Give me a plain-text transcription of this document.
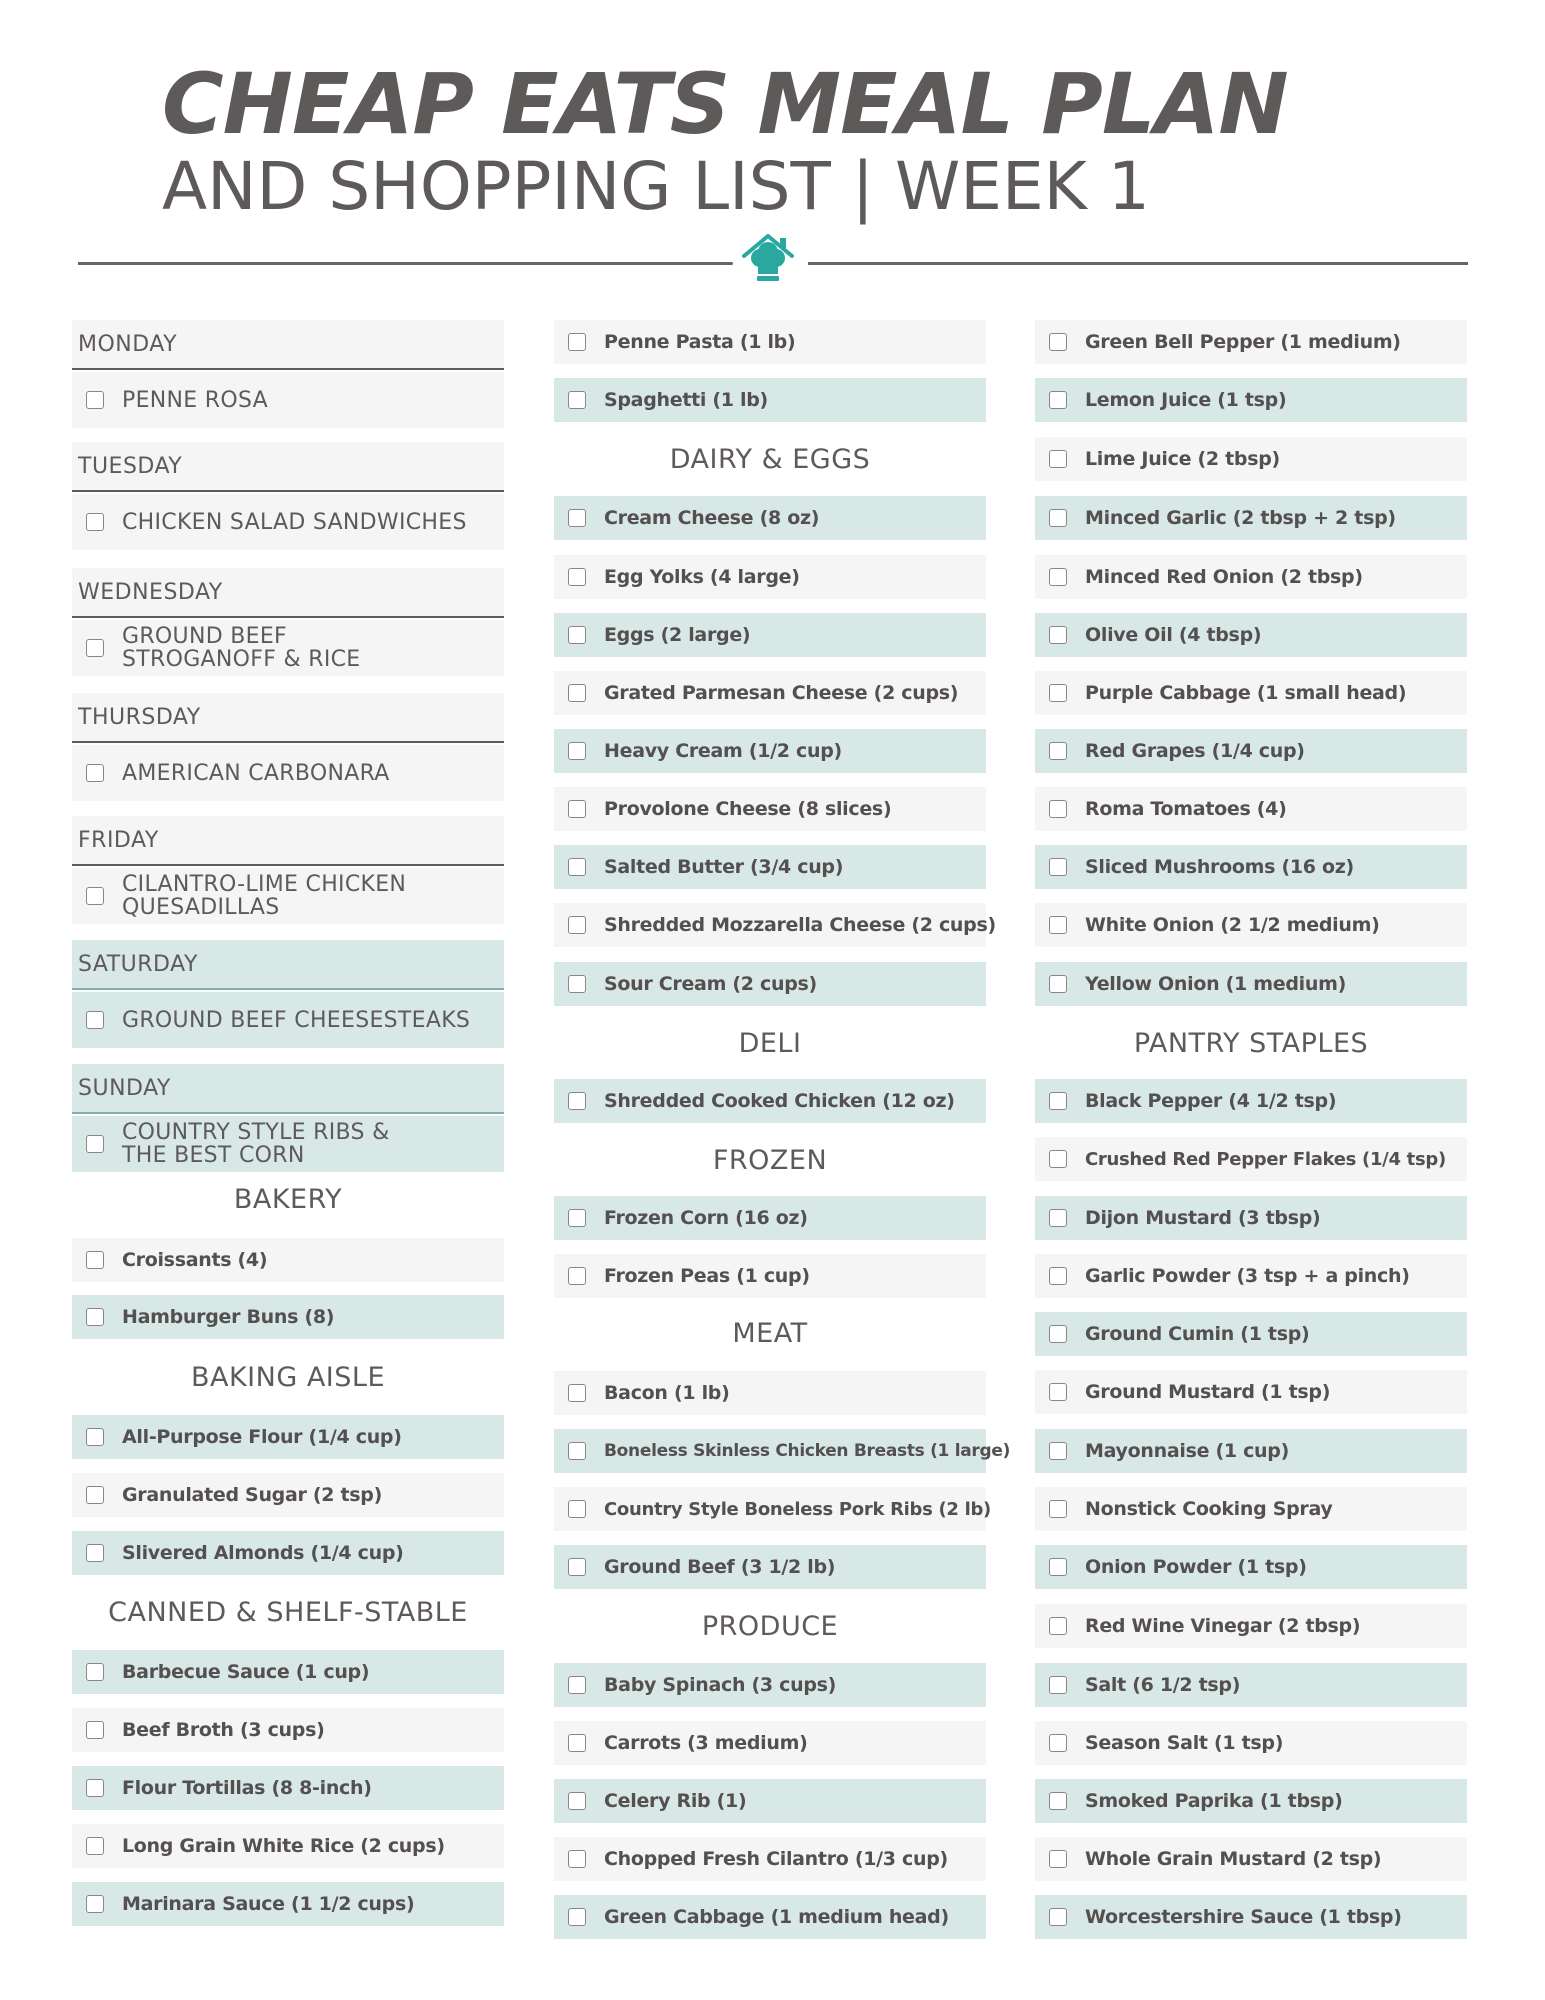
CHEAP EATS MEAL PLAN
AND SHOPPING LIST | WEEK 1
MONDAY
PENNE ROSA
TUESDAY
CHICKEN SALAD SANDWICHES
WEDNESDAY
GROUND BEEF STROGANOFF & RICE
THURSDAY
AMERICAN CARBONARA
FRIDAY
CILANTRO-LIME CHICKEN QUESADILLAS
SATURDAY
GROUND BEEF CHEESESTEAKS
SUNDAY
COUNTRY STYLE RIBS & THE BEST CORN
BAKERY
Croissants (4)
Hamburger Buns (8)
BAKING AISLE
All-Purpose Flour (1/4 cup)
Granulated Sugar (2 tsp)
Slivered Almonds (1/4 cup)
CANNED & SHELF-STABLE
Barbecue Sauce (1 cup)
Beef Broth (3 cups)
Flour Tortillas (8 8-inch)
Long Grain White Rice (2 cups)
Marinara Sauce (1 1/2 cups)
Penne Pasta (1 lb)
Spaghetti (1 lb)
DAIRY & EGGS
Cream Cheese (8 oz)
Egg Yolks (4 large)
Eggs (2 large)
Grated Parmesan Cheese (2 cups)
Heavy Cream (1/2 cup)
Provolone Cheese (8 slices)
Salted Butter (3/4 cup)
Shredded Mozzarella Cheese (2 cups)
Sour Cream (2 cups)
DELI
Shredded Cooked Chicken (12 oz)
FROZEN
Frozen Corn (16 oz)
Frozen Peas (1 cup)
MEAT
Bacon (1 lb)
Boneless Skinless Chicken Breasts (1 large)
Country Style Boneless Pork Ribs (2 lb)
Ground Beef (3 1/2 lb)
PRODUCE
Baby Spinach (3 cups)
Carrots (3 medium)
Celery Rib (1)
Chopped Fresh Cilantro (1/3 cup)
Green Cabbage (1 medium head)
Green Bell Pepper (1 medium)
Lemon Juice (1 tsp)
Lime Juice (2 tbsp)
Minced Garlic (2 tbsp + 2 tsp)
Minced Red Onion (2 tbsp)
Olive Oil (4 tbsp)
Purple Cabbage (1 small head)
Red Grapes (1/4 cup)
Roma Tomatoes (4)
Sliced Mushrooms (16 oz)
White Onion (2 1/2 medium)
Yellow Onion (1 medium)
PANTRY STAPLES
Black Pepper (4 1/2 tsp)
Crushed Red Pepper Flakes (1/4 tsp)
Dijon Mustard (3 tbsp)
Garlic Powder (3 tsp + a pinch)
Ground Cumin (1 tsp)
Ground Mustard (1 tsp)
Mayonnaise (1 cup)
Nonstick Cooking Spray
Onion Powder (1 tsp)
Red Wine Vinegar (2 tbsp)
Salt (6 1/2 tsp)
Season Salt (1 tsp)
Smoked Paprika (1 tbsp)
Whole Grain Mustard (2 tsp)
Worcestershire Sauce (1 tbsp)
